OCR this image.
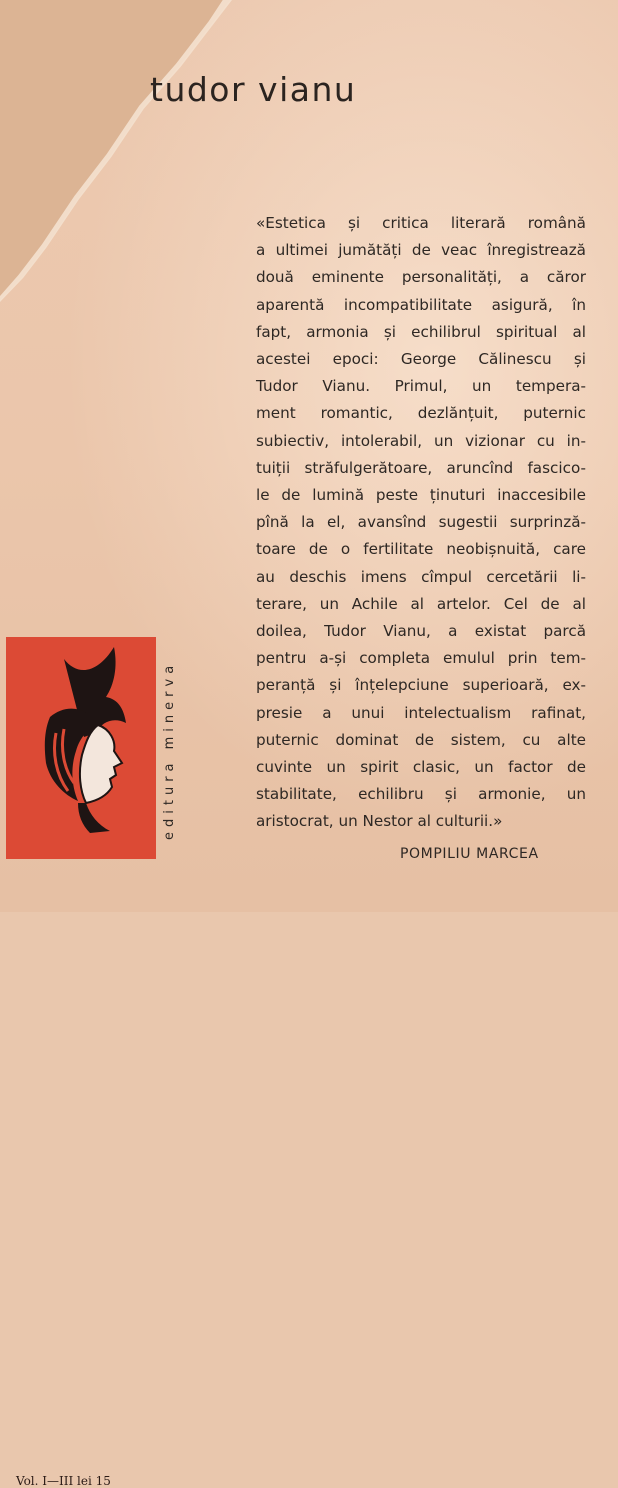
tudor vianu
«Estetica și critica literară română
a ultimei jumătăți de veac înregistrează
două eminente personalități, a căror
aparentă incompatibilitate asigură, în
fapt, armonia și echilibrul spiritual al
acestei epoci: George Călinescu și
Tudor Vianu. Primul, un tempera-
ment romantic, dezlănțuit, puternic
subiectiv, intolerabil, un vizionar cu in-
tuiții străfulgerătoare, aruncînd fascico-
le de lumină peste ținuturi inaccesibile
pînă la el, avansînd sugestii surprinză-
toare de o fertilitate neobișnuită, care
au deschis imens cîmpul cercetării li-
terare, un Achile al artelor. Cel de al
doilea, Tudor Vianu, a existat parcă
pentru a-și completa emulul prin tem-
peranță și înțelepciune superioară, ex-
presie a unui intelectualism rafinat,
puternic dominat de sistem, cu alte
cuvinte un spirit clasic, un factor de
stabilitate, echilibru și armonie, un
aristocrat, un Nestor al culturii.»
POMPILIU MARCEA
Vol. I—III lei 15
editura minerva
